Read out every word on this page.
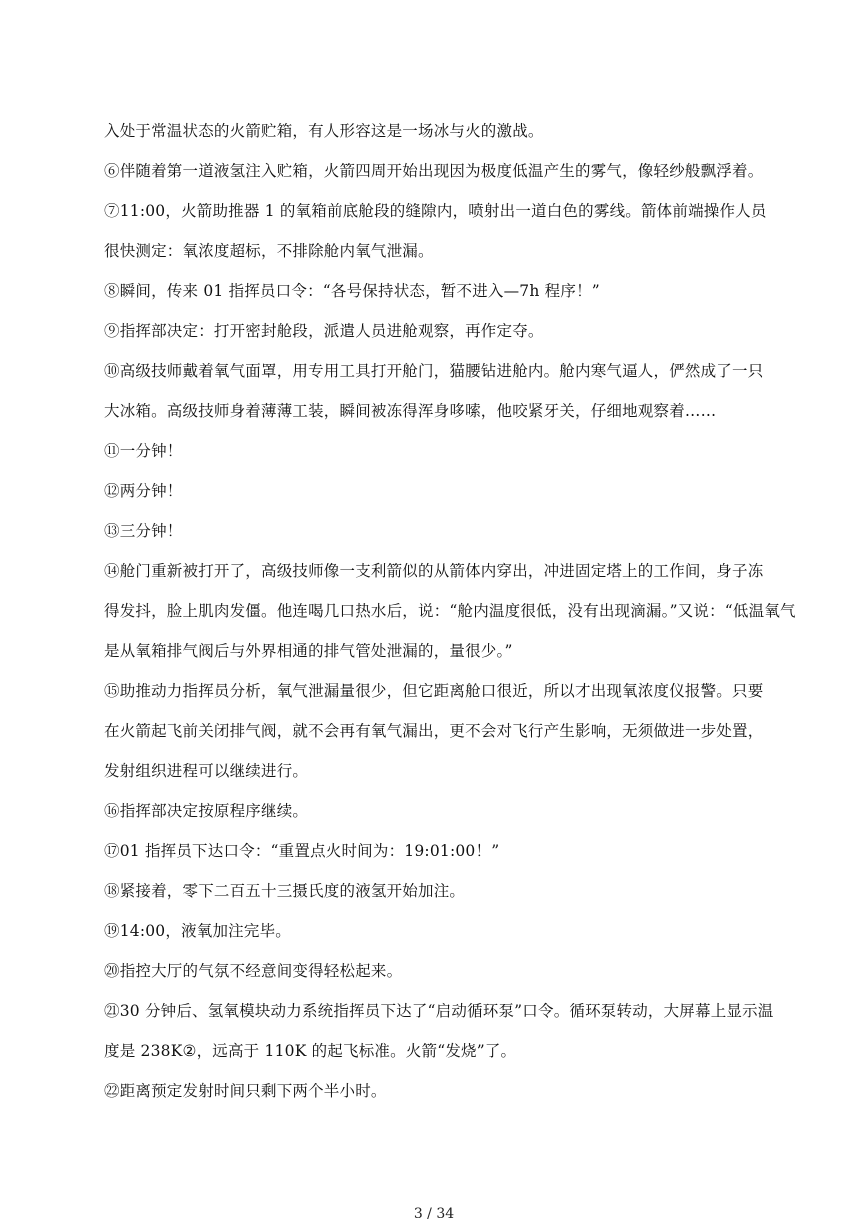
入处于常温状态的火箭贮箱，有人形容这是一场冰与火的激战。

⑥伴随着第一道液氢注入贮箱，火箭四周开始出现因为极度低温产生的雾气，像轻纱般飘浮着。

⑦11:00，火箭助推器 1 的氧箱前底舱段的缝隙内，喷射出一道白色的雾线。箭体前端操作人员
很快测定：氧浓度超标，不排除舱内氧气泄漏。

⑧瞬间，传来 01 指挥员口令：“各号保持状态，暂不进入—7h 程序！”

⑨指挥部决定：打开密封舱段，派遣人员进舱观察，再作定夺。

⑩高级技师戴着氧气面罩，用专用工具打开舱门，猫腰钻进舱内。舱内寒气逼人，俨然成了一只
大冰箱。高级技师身着薄薄工装，瞬间被冻得浑身哆嗦，他咬紧牙关，仔细地观察着……

⑪一分钟！

⑫两分钟！

⑬三分钟！

⑭舱门重新被打开了，高级技师像一支利箭似的从箭体内穿出，冲进固定塔上的工作间，身子冻
得发抖，脸上肌肉发僵。他连喝几口热水后，说：“舱内温度很低，没有出现滴漏。”又说：“低温氧气
是从氧箱排气阀后与外界相通的排气管处泄漏的，量很少。”

⑮助推动力指挥员分析，氧气泄漏量很少，但它距离舱口很近，所以才出现氧浓度仪报警。只要
在火箭起飞前关闭排气阀，就不会再有氧气漏出，更不会对飞行产生影响，无须做进一步处置，
发射组织进程可以继续进行。

⑯指挥部决定按原程序继续。

⑰01 指挥员下达口令：“重置点火时间为：19:01:00！”

⑱紧接着，零下二百五十三摄氏度的液氢开始加注。

⑲14:00，液氧加注完毕。

⑳指控大厅的气氛不经意间变得轻松起来。

㉑30 分钟后、氢氧模块动力系统指挥员下达了“启动循环泵”口令。循环泵转动，大屏幕上显示温
度是 238K②，远高于 110K 的起飞标准。火箭“发烧”了。

㉒距离预定发射时间只剩下两个半小时。

3 / 34
